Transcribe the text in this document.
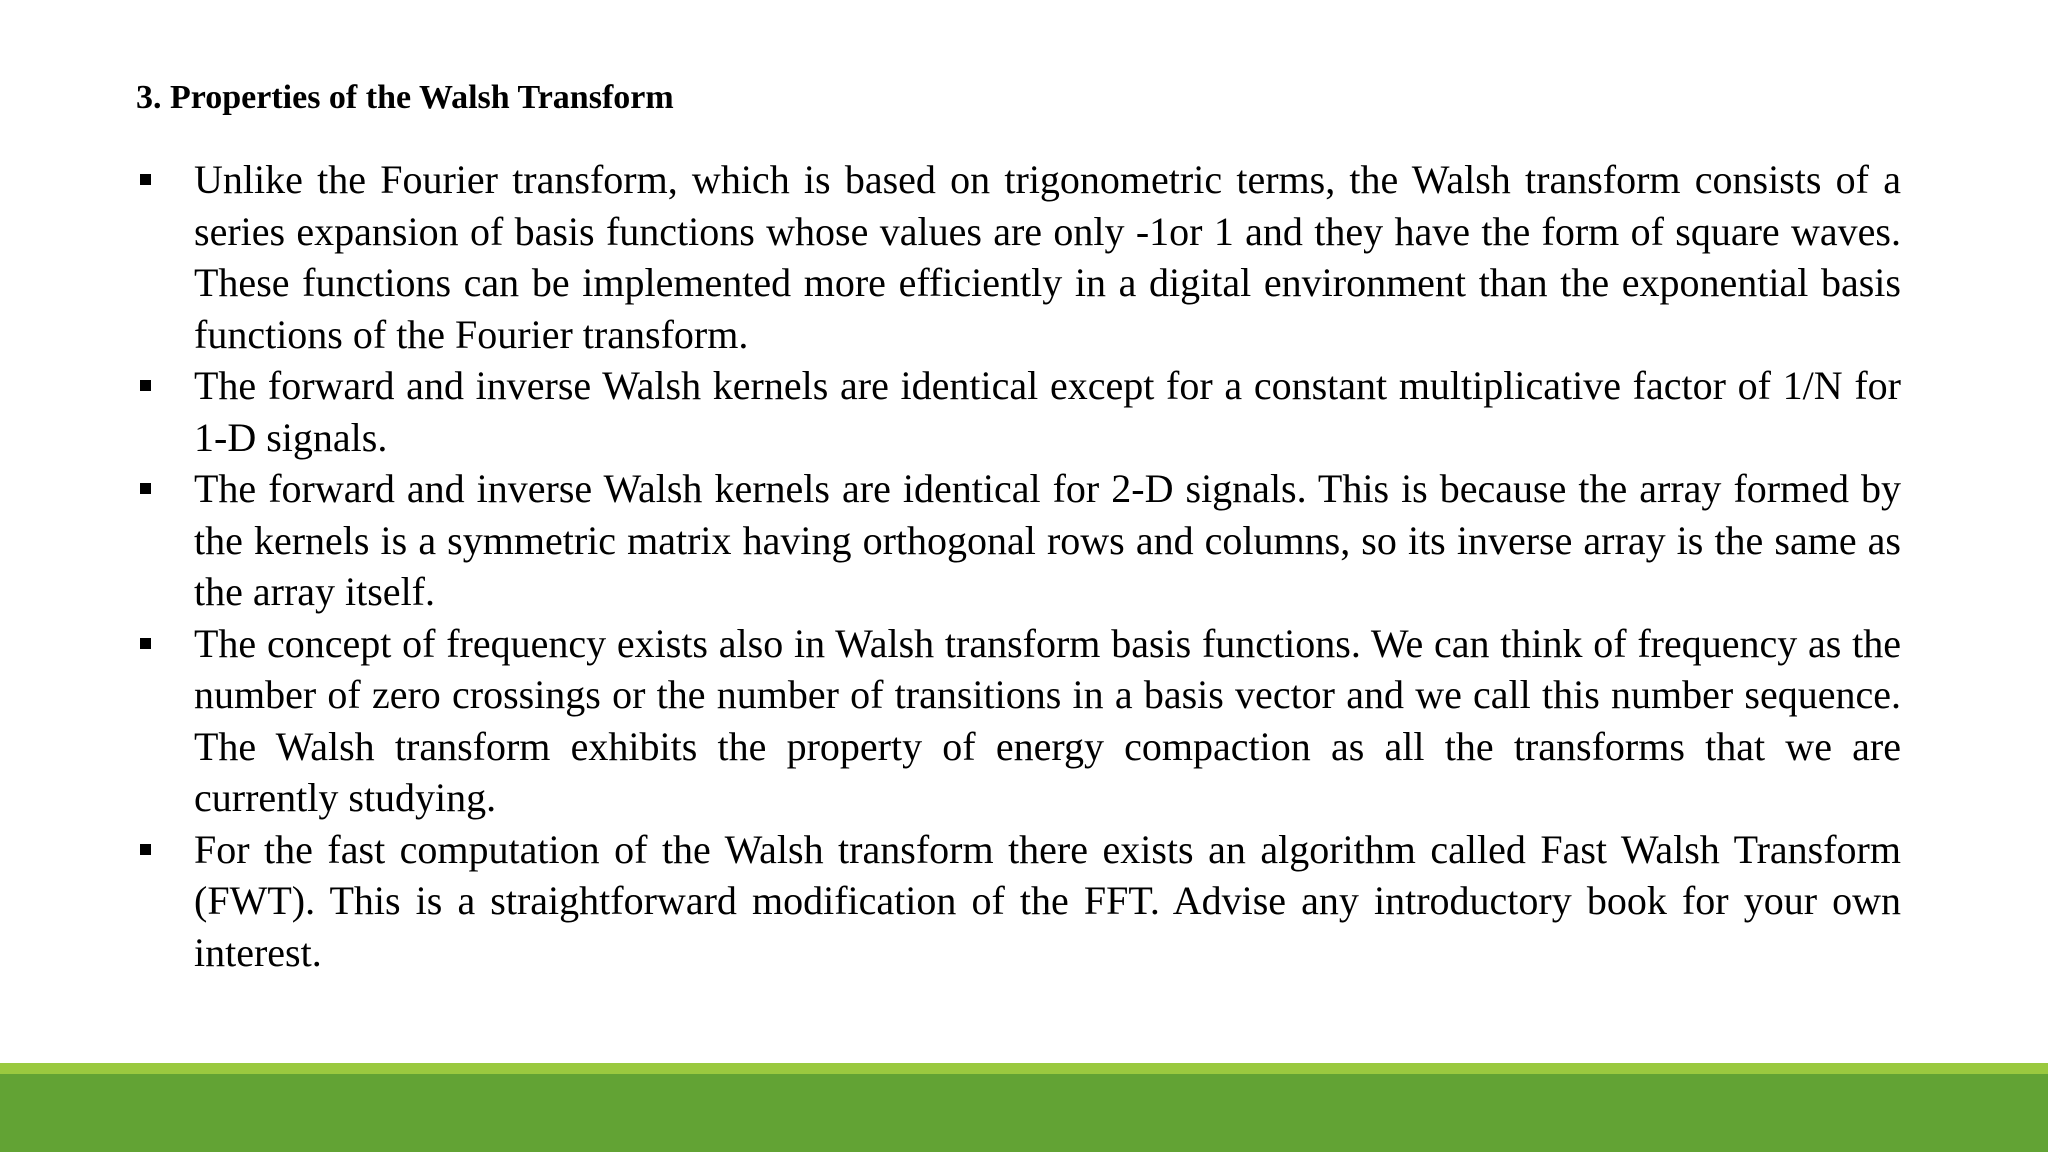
3. Properties of the Walsh Transform

Unlike the Fourier transform, which is based on trigonometric terms, the Walsh transform consists of a series expansion of basis functions whose values are only -1or 1 and they have the form of square waves. These functions can be implemented more efficiently in a digital environment than the exponential basis functions of the Fourier transform.
The forward and inverse Walsh kernels are identical except for a constant multiplicative factor of 1/N for 1-D signals.
The forward and inverse Walsh kernels are identical for 2-D signals. This is because the array formed by the kernels is a symmetric matrix having orthogonal rows and columns, so its inverse array is the same as the array itself.
The concept of frequency exists also in Walsh transform basis functions. We can think of frequency as the number of zero crossings or the number of transitions in a basis vector and we call this number sequence. The Walsh transform exhibits the property of energy compaction as all the transforms that we are currently studying.
For the fast computation of the Walsh transform there exists an algorithm called Fast Walsh Transform (FWT). This is a straightforward modification of the FFT. Advise any introductory book for your own interest.
